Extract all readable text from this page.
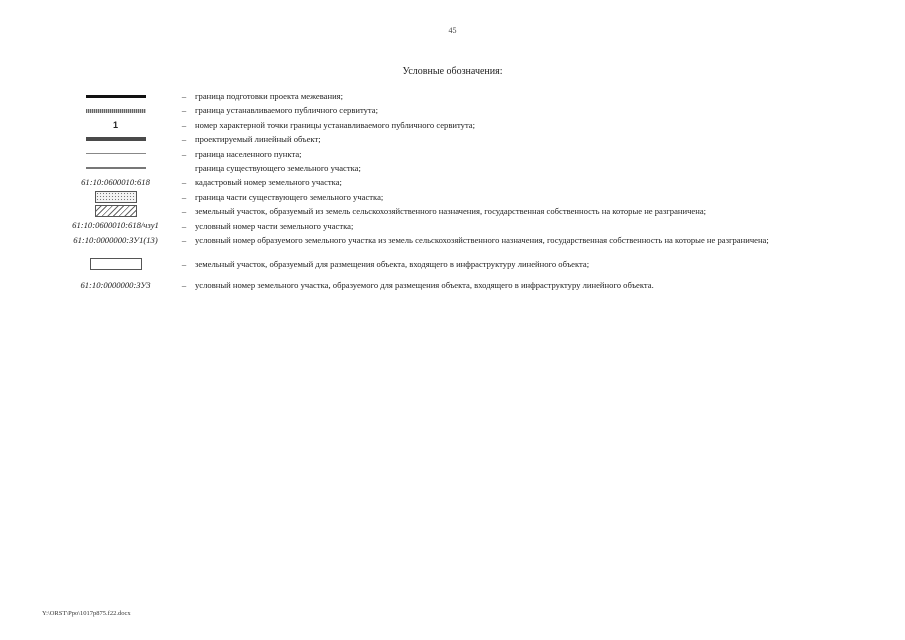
45
Условные обозначения:
–	граница подготовки проекта межевания;
–	граница устанавливаемого публичного сервитута;
1	–	номер характерной точки границы устанавливаемого публичного сервитута;
–	проектируемый линейный объект;
–	граница населенного пункта;
граница существующего земельного участка;
61:10:0600010:618	–	кадастровый номер земельного участка;
–	граница части существующего земельного участка;
–	земельный участок, образуемый из земель сельскохозяйственного назначения, государственная собственность на которые не разграничена;
61:10:0600010:618/чзу1	–	условный номер части земельного участка;
61:10:0000000:ЗУ1(13)	–	условный номер образуемого земельного участка из земель сельскохозяйственного назначения, государственная собственность на которые не разграничена;
–	земельный участок, образуемый для размещения объекта, входящего в инфраструктуру линейного объекта;
61:10:0000000:ЗУ3	–	условный номер земельного участка, образуемого для размещения объекта, входящего в инфраструктуру линейного объекта.
Y:\ORST\Ppo\1017p875.f22.docx
